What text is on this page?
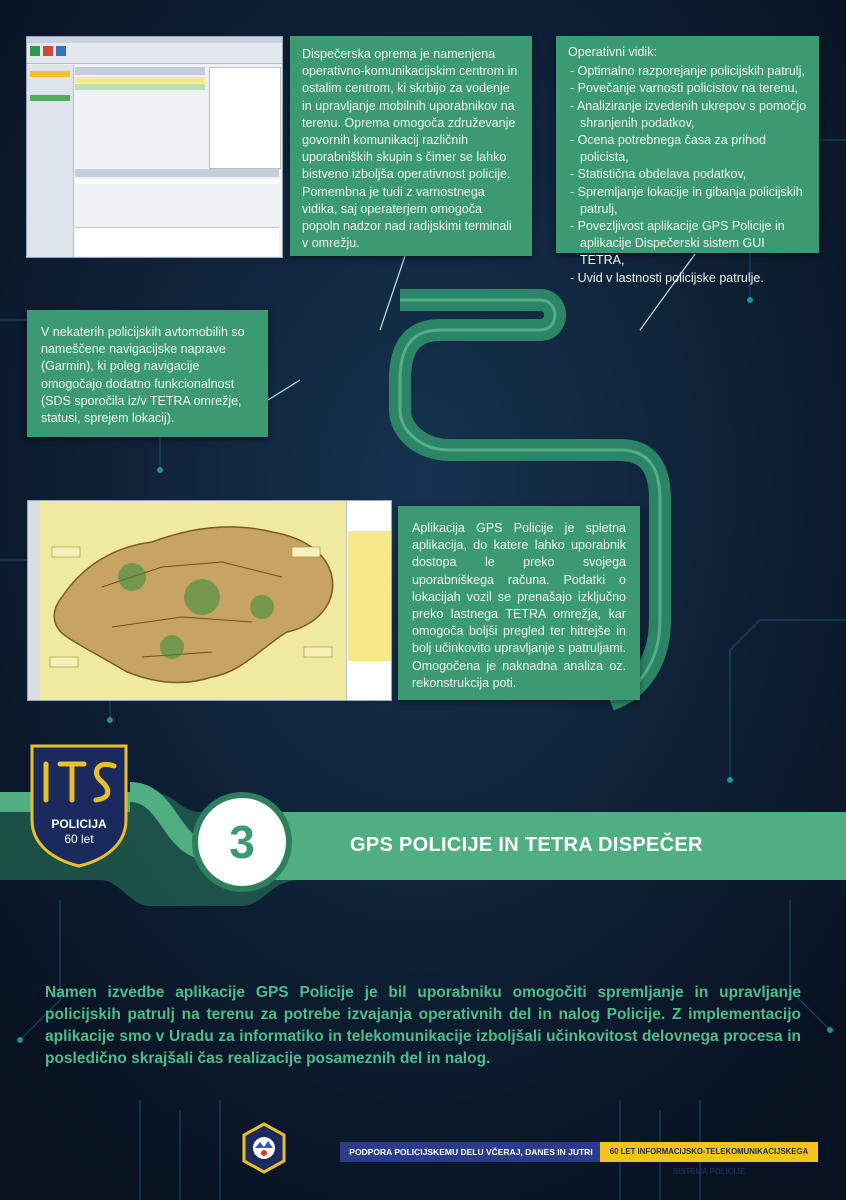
Dispečerska oprema je namenjena operativno-komunikacijskim centrom in ostalim centrom, ki skrbijo za vodenje in upravljanje mobilnih uporabnikov na terenu. Oprema omogoča združevanje govornih komunikacij različnih uporabniških skupin s čimer se lahko bistveno izboljša operativnost policije. Pomembna je tudi z varnostnega vidika, saj operaterjem omogoča popoln nadzor nad radijskimi terminali v omrežju.

Operativni vidik:
- Optimalno razporejanje policijskih patrulj,
- Povečanje varnosti policistov na terenu,
- Analiziranje izvedenih ukrepov s pomočjo shranjenih podatkov,
- Ocena potrebnega časa za prihod policista,
- Statistična obdelava podatkov,
- Spremljanje lokacije in gibanja policijskih patrulj,
- Povezljivost aplikacije GPS Policije in aplikacije Dispečerski sistem GUI TETRA,
- Uvid v lastnosti policijske patrulje.

V nekaterih policijskih avtomobilih so nameščene navigacijske naprave (Garmin), ki poleg navigacije omogočajo dodatno funkcionalnost (SDS sporočila iz/v TETRA omrežje, statusi, sprejem lokacij).

Aplikacija GPS Policije je spletna aplikacija, do katere lahko uporabnik dostopa le preko svojega uporabniškega računa. Podatki o lokacijah vozil se prenašajo izključno preko lastnega TETRA omrežja, kar omogoča boljši pregled ter hitrejše in bolj učinkovito upravljanje s patruljami. Omogočena je naknadna analiza oz. rekonstrukcija poti.

POLICIJA
60 let	3	GPS POLICIJE IN TETRA DISPEČER
Namen izvedbe aplikacije GPS Policije je bil uporabniku omogočiti spremljanje in upravljanje policijskih patrulj na terenu za potrebe izvajanja operativnih del in nalog Policije. Z implementacijo aplikacije smo v Uradu za informatiko in telekomunikacije izboljšali učinkovitost delovnega procesa in posledično skrajšali čas realizacije posameznih del in nalog.
PODPORA POLICIJSKEMU DELU VČERAJ, DANES IN JUTRI	60 LET INFORMACIJSKO-TELEKOMUNIKACIJSKEGA SISTEMA POLICIJE
